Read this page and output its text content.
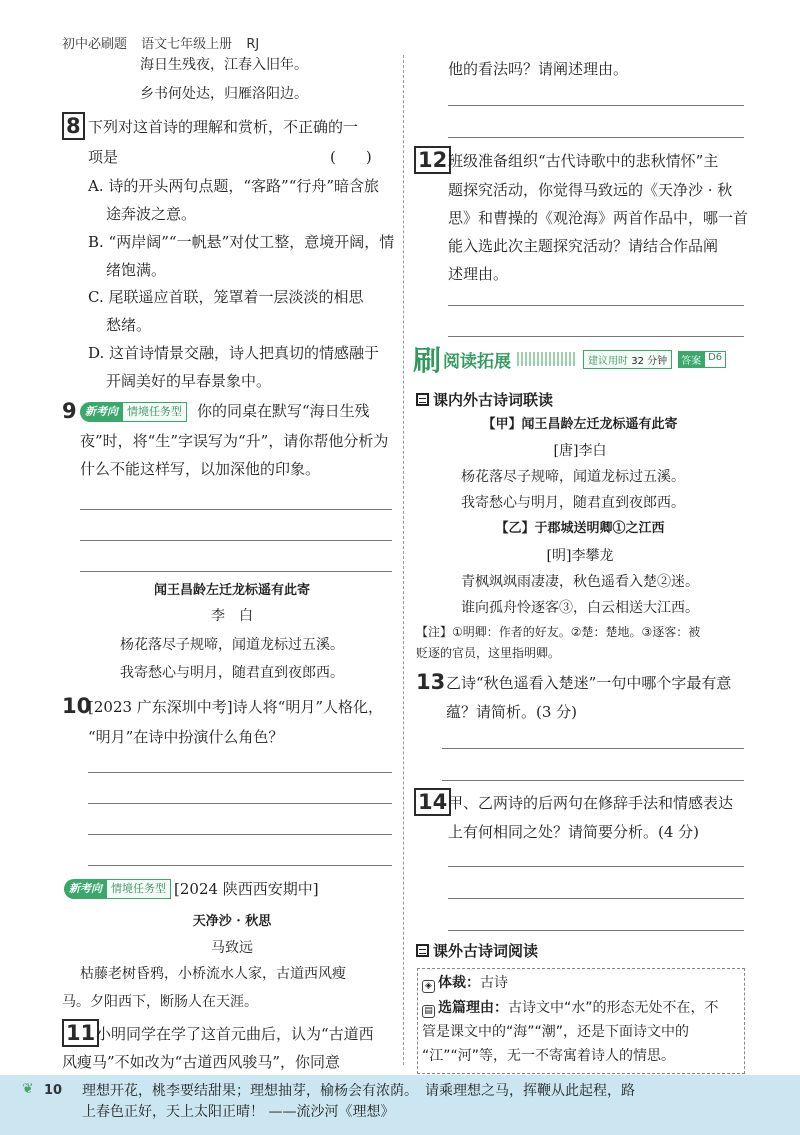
初中必刷题 语文七年级上册 RJ
海日生残夜，江春入旧年。
乡书何处达，归雁洛阳边。
8 下列对这首诗的理解和赏析，不正确的一
项是	(　　)
A. 诗的开头两句点题，“客路”“行舟”暗含旅
途奔波之意。
B. “两岸阔”“一帆悬”对仗工整，意境开阔，情
绪饱满。
C. 尾联遥应首联，笼罩着一层淡淡的相思
愁绪。
D. 这首诗情景交融，诗人把真切的情感融于
开阔美好的早春景象中。
9 新考向 情境任务型	你的同桌在默写“海日生残
夜”时，将“生”字误写为“升”，请你帮他分析为
什么不能这样写，以加深他的印象。
闻王昌龄左迁龙标遥有此寄
李　白
杨花落尽子规啼，闻道龙标过五溪。
我寄愁心与明月，随君直到夜郎西。
10
[2023 广东深圳中考]诗人将“明月”人格化，
“明月”在诗中扮演什么角色？
新考向 情境任务型 [2024 陕西西安期中]
天净沙 · 秋思
马致远
枯藤老树昏鸦，小桥流水人家，古道西风瘦
马。夕阳西下，断肠人在天涯。
11 小明同学在学了这首元曲后，认为“古道西
风瘦马”不如改为“古道西风骏马”，你同意
他的看法吗？请阐述理由。
12 班级准备组织“古代诗歌中的悲秋情怀”主
题探究活动，你觉得马致远的《天净沙 · 秋
思》和曹操的《观沧海》两首作品中，哪一首
能入选此次主题探究活动？请结合作品阐
述理由。
刷 阅读拓展	建议用时 32 分钟	答案 D6
课内外古诗词联读
【甲】闻王昌龄左迁龙标遥有此寄
[唐]李白
杨花落尽子规啼，闻道龙标过五溪。
我寄愁心与明月，随君直到夜郎西。
【乙】于郡城送明卿①之江西
[明]李攀龙
青枫飒飒雨凄凄，秋色遥看入楚②迷。
谁向孤舟怜逐客③，白云相送大江西。
【注】①明卿：作者的好友。②楚：楚地。③逐客：被
贬逐的官员，这里指明卿。
13 乙诗“秋色遥看入楚迷”一句中哪个字最有意
蕴？请简析。(3 分)
14 甲、乙两诗的后两句在修辞手法和情感表达
上有何相同之处？请简要分析。(4 分)
课外古诗词阅读
◈ 体裁：古诗
▤ 选篇理由：古诗文中“水”的形态无处不在，不
管是课文中的“海”“潮”，还是下面诗文中的
“江”“河”等，无一不寄寓着诗人的情思。
❦ 10 理想开花，桃李要结甜果；理想抽芽，榆杨会有浓荫。　请乘理想之马，挥鞭从此起程，路
上春色正好，天上太阳正晴！ ——流沙河《理想》
